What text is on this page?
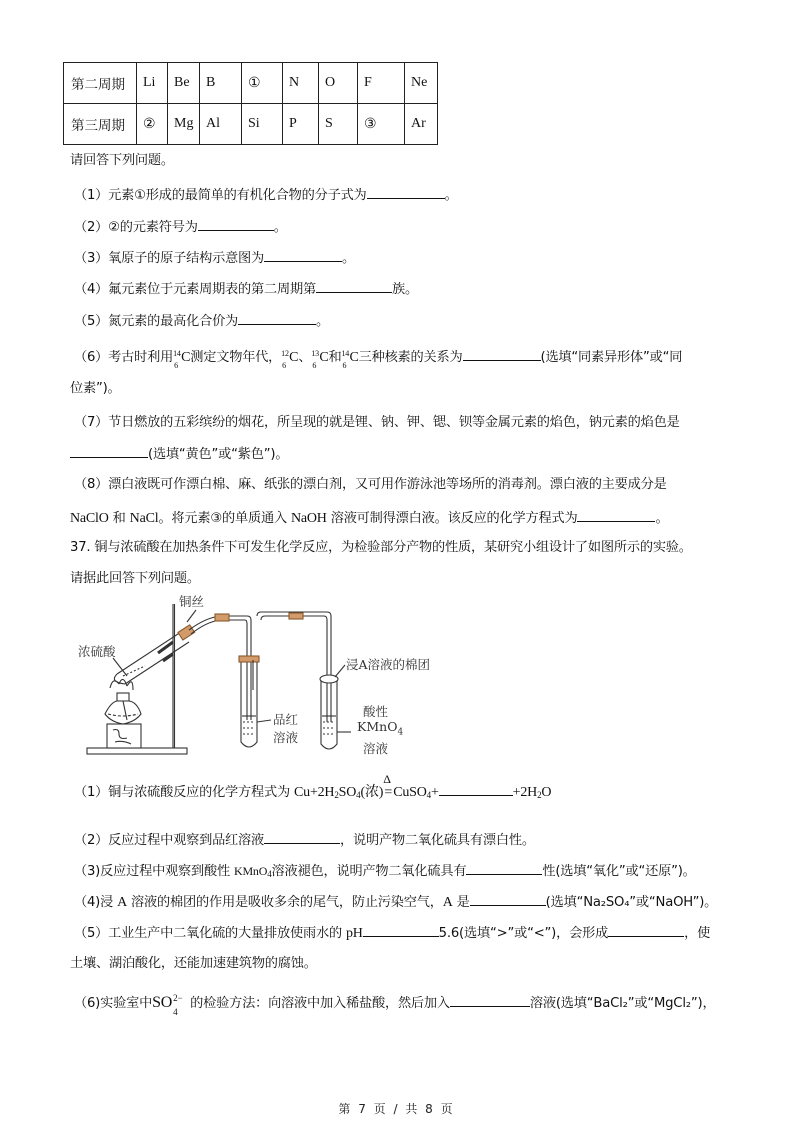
第二周期	Li	Be	B	①	N	O	F	Ne
第三周期	②	Mg	Al	Si	P	S	③	Ar
请回答下列问题。
（1）元素①形成的最简单的有机化合物的分子式为	。
（2）②的元素符号为	。
（3）氧原子的原子结构示意图为	。
（4）氟元素位于元素周期表的第二周期第	族。
（5）氮元素的最高化合价为	。
（6）考古时利用 14
6
C测定文物年代， 12
6
C、 13
6
C和 14
6
C三种核素的关系为	(选填“同素异形体”或“同
位素”)。
（7）节日燃放的五彩缤纷的烟花，所呈现的就是锂、钠、钾、锶、钡等金属元素的焰色，钠元素的焰色是
(选填“黄色”或“紫色”)。
（8）漂白液既可作漂白棉、麻、纸张的漂白剂，又可用作游泳池等场所的消毒剂。漂白液的主要成分是
NaClO 和 NaCl。将元素③的单质通入 NaOH 溶液可制得漂白液。该反应的化学方程式为	。
37. 铜与浓硫酸在加热条件下可发生化学反应，为检验部分产物的性质，某研究小组设计了如图所示的实验。
请据此回答下列问题。
铜丝
浓硫酸
浸A溶液的棉团
品红
溶液
酸性
KMnO$_4$
溶液
（1）铜与浓硫酸反应的化学方程式为 $Cu+2H_2SO_4$(浓)
Δ
=CuSO$_4$+	$+2H_2O$
（2）反应过程中观察到品红溶液	，说明产物二氧化硫具有漂白性。
（3)反应过程中观察到酸性 KMnO$_4$溶液褪色，说明产物二氧化硫具有	性(选填“氧化”或“还原”)。
（4)浸 A 溶液的棉团的作用是吸收多余的尾气，防止污染空气，A 是	(选填“Na₂SO₄”或“NaOH”)。
（5）工业生产中二氧化硫的大量排放使雨水的 pH	5.6(选填“>”或“<”)，会形成	，使
土壤、湖泊酸化，还能加速建筑物的腐蚀。
（6)实验室中SO 2−
4
的检验方法：向溶液中加入稀盐酸，然后加入	溶液(选填“BaCl₂”或“MgCl₂”)，
第 7 页 / 共 8 页
